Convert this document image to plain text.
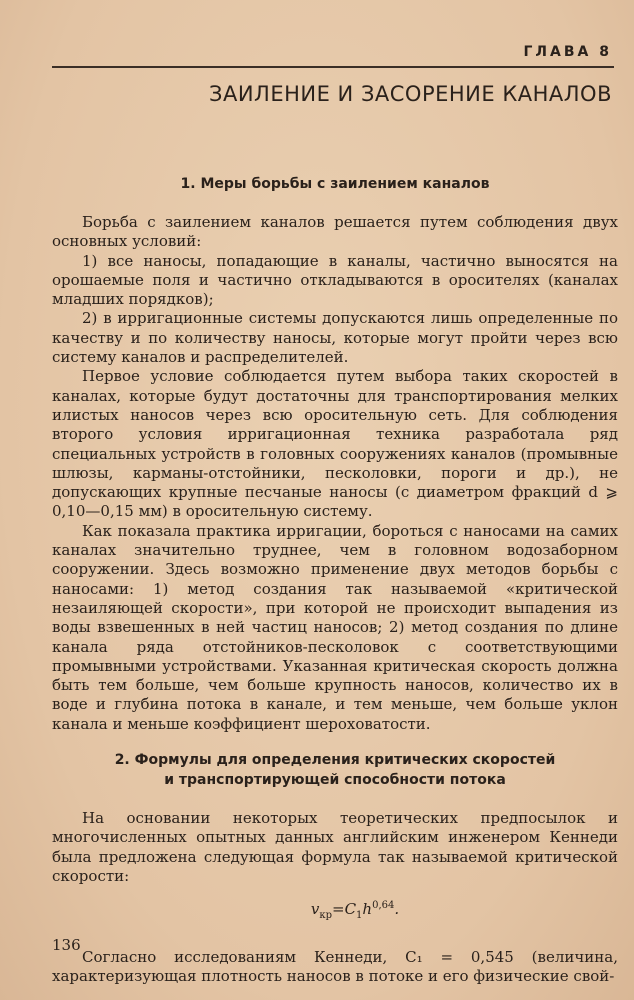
ГЛАВА 8
ЗАИЛЕНИЕ И ЗАСОРЕНИЕ КАНАЛОВ
1. Меры борьбы с заилением каналов

Борьба с заилением каналов решается путем соблюдения двух основных условий:

1) все наносы, попадающие в каналы, частично выносятся на орошаемые поля и частично откладываются в оросителях (каналах младших порядков);

2) в ирригационные системы допускаются лишь определенные по качеству и по количеству наносы, которые могут пройти через всю систему каналов и распределителей.

Первое условие соблюдается путем выбора таких скоростей в каналах, которые будут достаточны для транспортирования мелких илистых наносов через всю оросительную сеть. Для соблюдения второго условия ирригационная техника разработала ряд специальных устройств в головных сооружениях каналов (промывные шлюзы, карманы-отстойники, песколовки, пороги и др.), не допускающих крупные песчаные наносы (с диаметром фракций d ⩾ 0,10—0,15 мм) в оросительную систему.

Как показала практика ирригации, бороться с наносами на самих каналах значительно труднее, чем в головном водозаборном сооружении. Здесь возможно применение двух методов борьбы с наносами: 1) метод создания так называемой «критической незаиляющей скорости», при которой не происходит выпадения из воды взвешенных в ней частиц наносов; 2) метод создания по длине канала ряда отстойников-песколовок с соответствующими промывными устройствами. Указанная критическая скорость должна быть тем больше, чем больше крупность наносов, количество их в воде и глубина потока в канале, и тем меньше, чем больше уклон канала и меньше коэффициент шероховатости.

2. Формулы для определения критических скоростей
и транспортирующей способности потока

На основании некоторых теоретических предпосылок и многочисленных опытных данных английским инженером Кеннеди была предложена следующая формула так называемой критической скорости:

$v_{кр}=C_1h^{0,64}$.

Согласно исследованиям Кеннеди, C₁ = 0,545 (величина, характеризующая плотность наносов в потоке и его физические свой-

136
